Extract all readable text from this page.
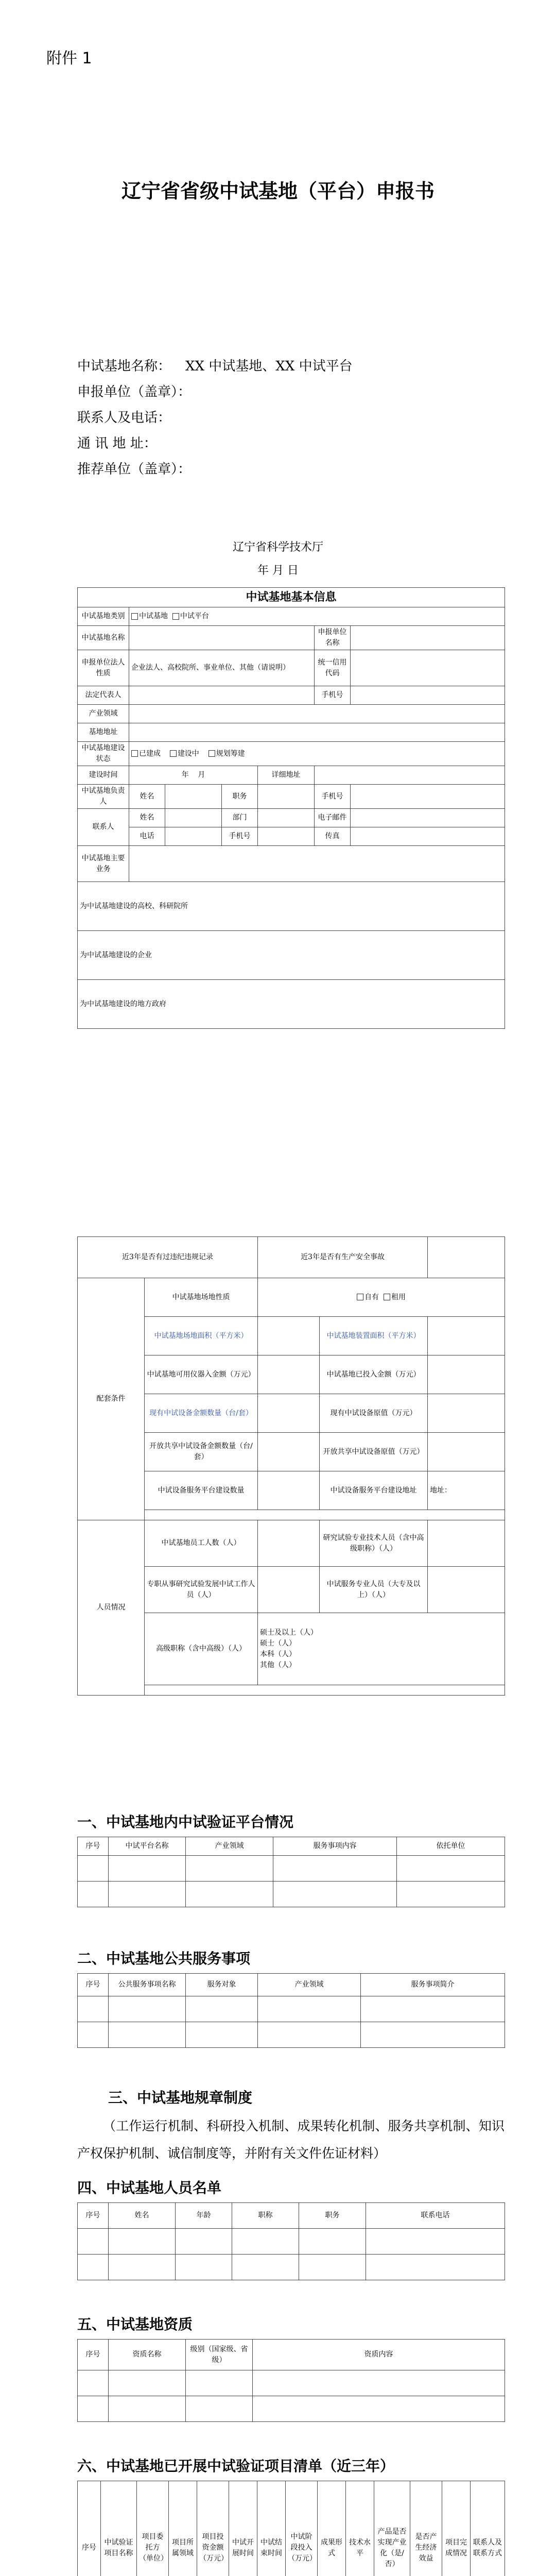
附件 1
辽宁省省级中试基地（平台）申报书
中试基地名称： XX 中试基地、XX 中试平台
申报单位（盖章）：
联系人及电话：
通 讯 地 址：
推荐单位（盖章）：
辽宁省科学技术厅
年 月 日
中试基地基本信息						
中试基地类别	中试基地 中试平台					
中试基地名称					申报单位名称	
申报单位法人性质	企业法人、高校院所、事业单位、其他（请说明）				统一信用代码	
法定代表人					手机号	
产业领域						
基地地址						
中试基地建设状态	已建成 建设中 规划筹建					
建设时间	年 月			详细地址		
中试基地负责人	姓名		职务		手机号	
联系人	姓名		部门		电子邮件	
	电话		手机号		传真	
中试基地主要业务						
为中试基地建设的高校、科研院所						
为中试基地建设的企业						
为中试基地建设的地方政府						
近3年是否有过违纪违规记录		近3年是否有生产安全事故		
配套条件	中试基地场地性质	自有 租用		
	中试基地场地面积（平方米）		中试基地装置面积（平方米）	
	中试基地可用仪器入金额（万元）		中试基地已投入金额（万元）	
	现有中试设备金额数量（台/套）		现有中试设备原值（万元）	
	开放共享中试设备金额数量（台/套）		开放共享中试设备原值（万元）	
	中试设备服务平台建设数量		中试设备服务平台建设地址	地址：

人员情况	中试基地员工人数（人）		研究试验专业技术人员（含中高级职称）（人）	
	专职从事研究试验发展中试工作人员（人）		中试服务专业人员（大专及以上）（人）	
	高级职称（含中高级）（人）	硕士及以上（人）
硕士（人）
本科（人）
其他（人）		

一、中试基地内中试验证平台情况
序号	中试平台名称	产业领域	服务事项内容	依托单位

二、中试基地公共服务事项
序号	公共服务事项名称	服务对象	产业领域	服务事项简介

三、中试基地规章制度
（工作运行机制、科研投入机制、成果转化机制、服务共享机制、知识产权保护机制、诚信制度等，并附有关文件佐证材料）
四、中试基地人员名单
序号	姓名	年龄	职称	职务	联系电话

五、中试基地资质
序号	资质名称	级别（国家级、省级）	资质内容

六、中试基地已开展中试验证项目清单（近三年）
序号	中试验证项目名称	项目委托方（单位）	项目所属领域	项目投资金额（万元）	中试开展时间	中试结束时间	中试阶段投入（万元）	成果形式	技术水平	产品是否实现产业化（是/否）	是否产生经济效益	项目完成情况	联系人及联系方式
